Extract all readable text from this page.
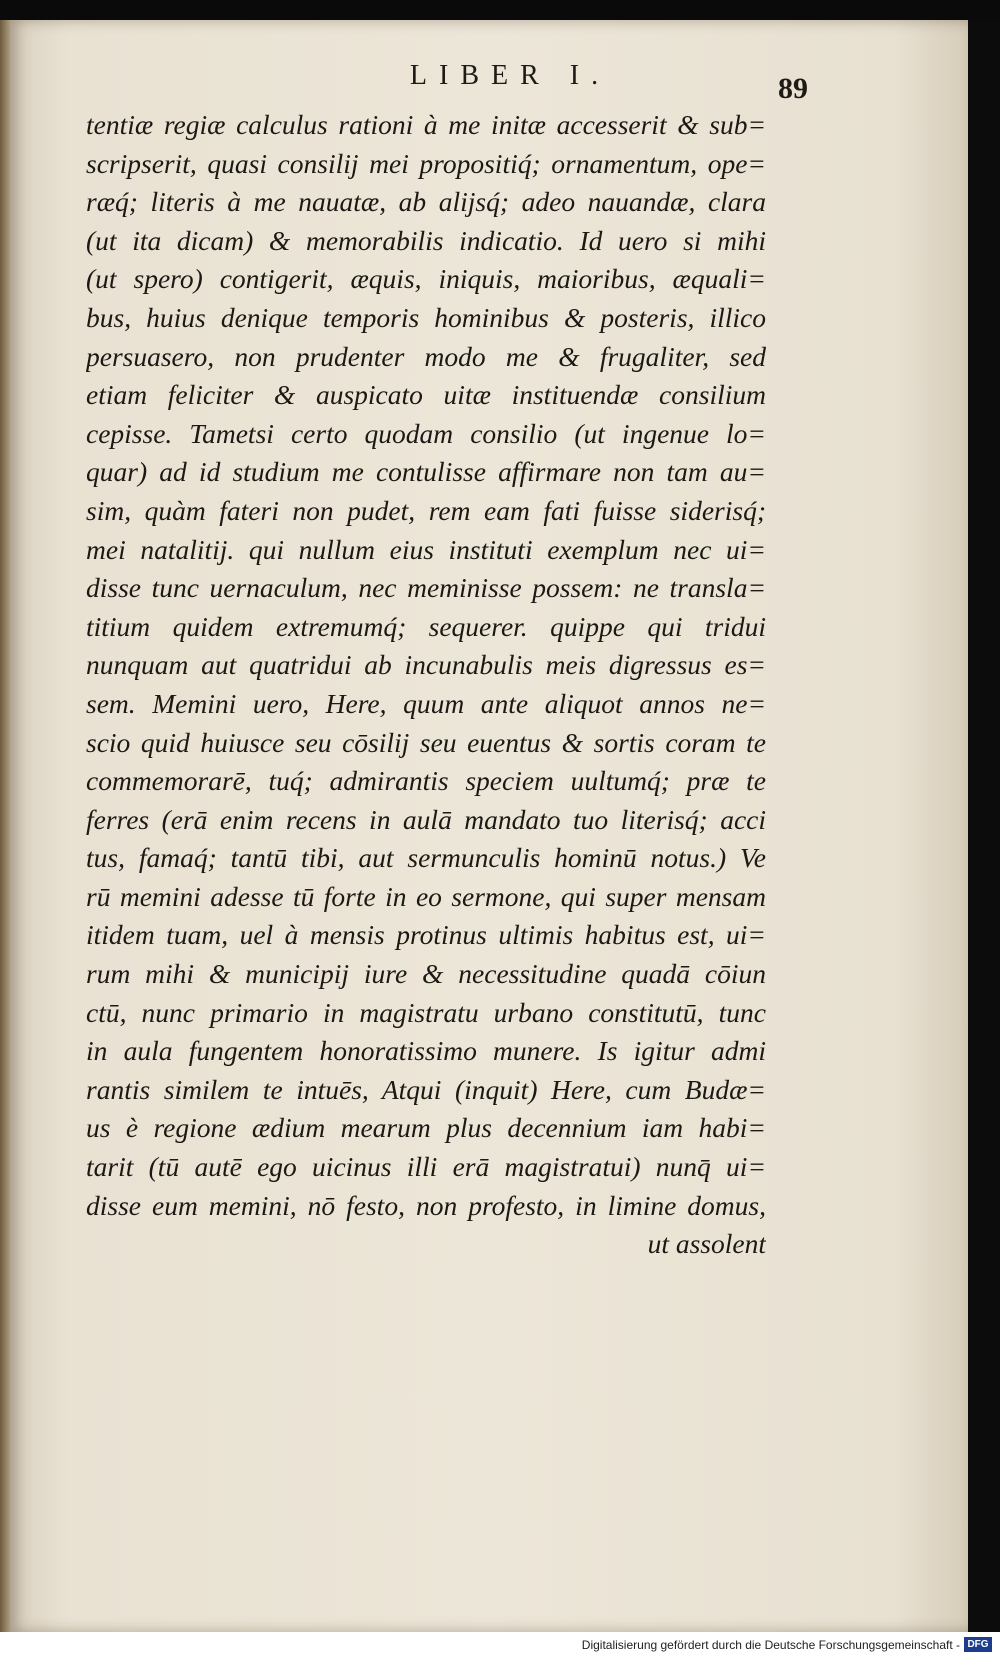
LIBER I.	89
tentiæ regiæ calculus rationi à me initæ accesserit & sub=
scripserit, quasi consilij mei propositiq́; ornamentum, ope=
ræq́; literis à me nauatæ, ab alijsq́; adeo nauandæ, clara
(ut ita dicam) & memorabilis indicatio. Id uero si mihi
(ut spero) contigerit, æquis, iniquis, maioribus, æquali=
bus, huius denique temporis hominibus & posteris, illico
persuasero, non prudenter modo me & frugaliter, sed
etiam feliciter & auspicato uitæ instituendæ consilium
cepisse. Tametsi certo quodam consilio (ut ingenue lo=
quar) ad id studium me contulisse affirmare non tam au=
sim, quàm fateri non pudet, rem eam fati fuisse siderisq́;
mei natalitij. qui nullum eius instituti exemplum nec ui=
disse tunc uernaculum, nec meminisse possem: ne transla=
titium quidem extremumq́; sequerer. quippe qui tridui
nunquam aut quatridui ab incunabulis meis digressus es=
sem. Memini uero, Here, quum ante aliquot annos ne=
scio quid huiusce seu cōsilij seu euentus & sortis coram te
commemorarē, tuq́; admirantis speciem uultumq́; præ te
ferres (erā enim recens in aulā mandato tuo literisq́; acci
tus, famaq́; tantū tibi, aut sermunculis hominū notus.) Ve
rū memini adesse tū forte in eo sermone, qui super mensam
itidem tuam, uel à mensis protinus ultimis habitus est, ui=
rum mihi & municipij iure & necessitudine quadā cōiun
ctū, nunc primario in magistratu urbano constitutū, tunc
in aula fungentem honoratissimo munere. Is igitur admi
rantis similem te intuēs, Atqui (inquit) Here, cum Budæ=
us è regione ædium mearum plus decennium iam habi=
tarit (tū autē ego uicinus illi erā magistratui) nunq̄ ui=
disse eum memini, nō festo, non profesto, in limine domus,
ut assolent
Digitalisierung gefördert durch die Deutsche Forschungsgemeinschaft - DFG
